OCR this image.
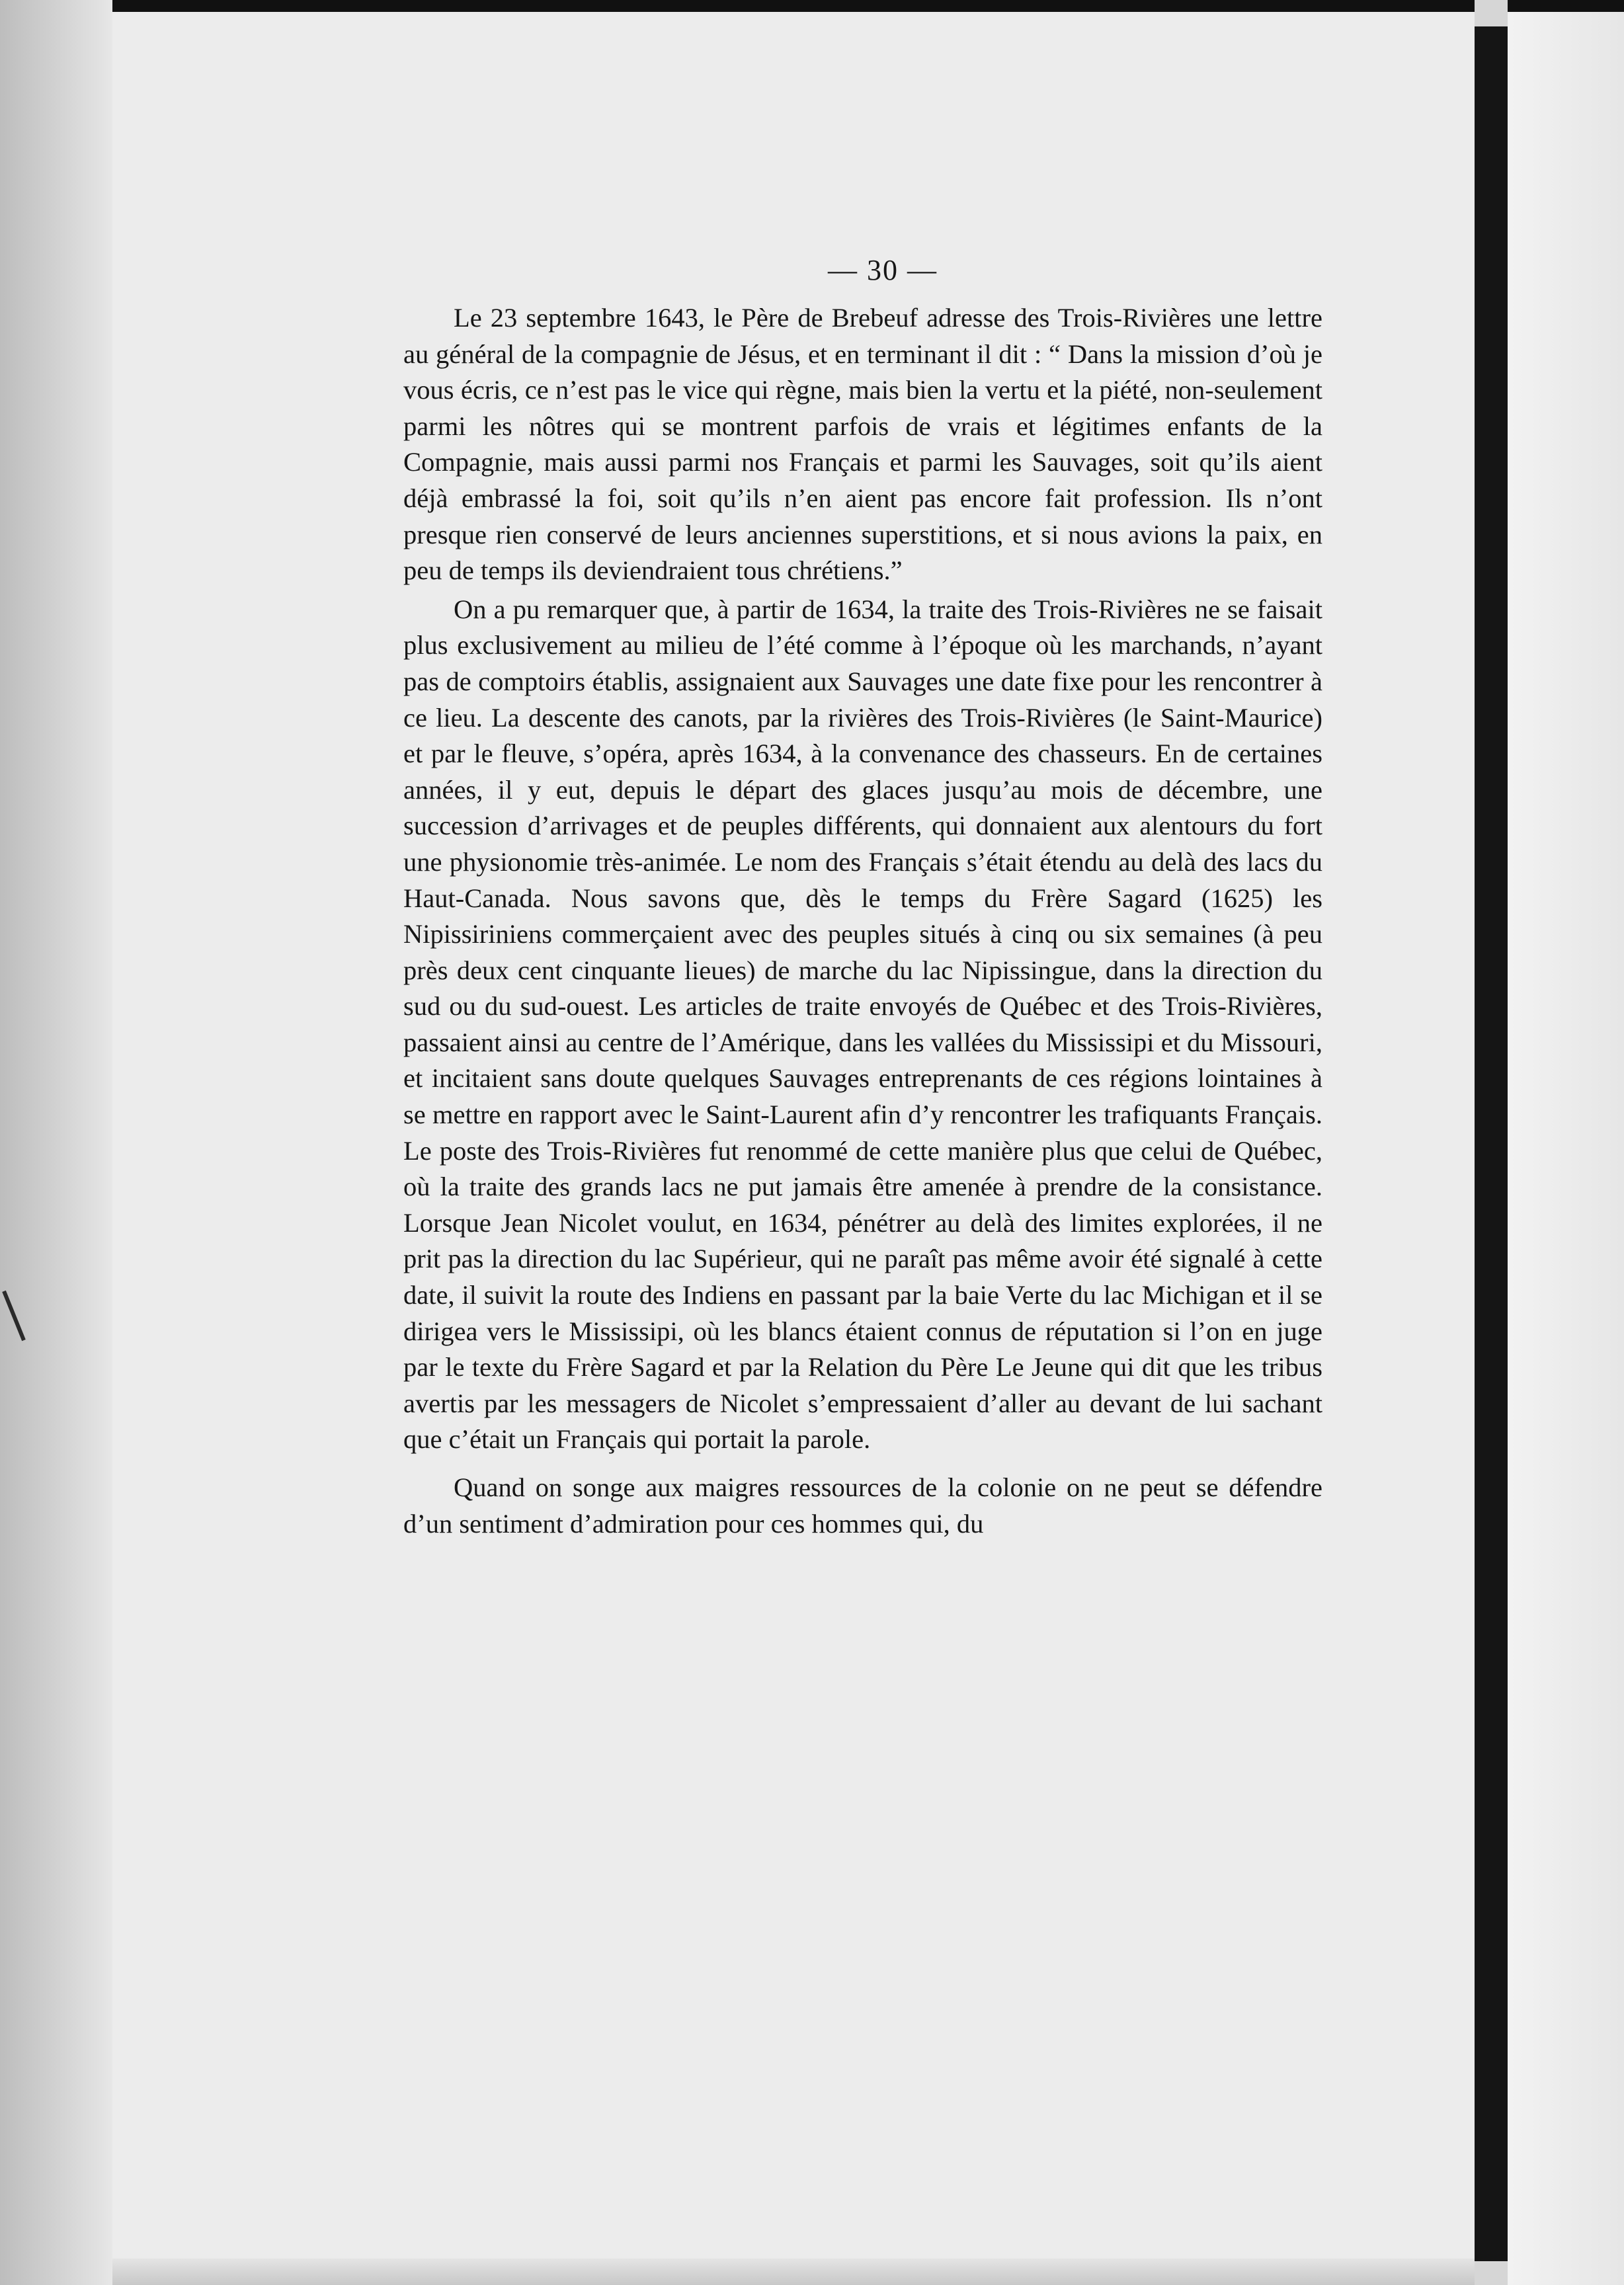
— 30 —

Le 23 septembre 1643, le Père de Brebeuf adresse des Trois-Rivières une lettre au général de la compagnie de Jésus, et en terminant il dit : “ Dans la mission d’où je vous écris, ce n’est pas le vice qui règne, mais bien la vertu et la piété, non-seulement parmi les nôtres qui se montrent parfois de vrais et légitimes enfants de la Compagnie, mais aussi parmi nos Français et parmi les Sauvages, soit qu’ils aient déjà embrassé la foi, soit qu’ils n’en aient pas encore fait profession. Ils n’ont presque rien conservé de leurs anciennes superstitions, et si nous avions la paix, en peu de temps ils deviendraient tous chrétiens.”

On a pu remarquer que, à partir de 1634, la traite des Trois-Rivières ne se faisait plus exclusivement au milieu de l’été comme à l’époque où les marchands, n’ayant pas de comptoirs établis, assignaient aux Sauvages une date fixe pour les rencontrer à ce lieu. La descente des canots, par la rivières des Trois-Rivières (le Saint-Maurice) et par le fleuve, s’opéra, après 1634, à la convenance des chasseurs. En de certaines années, il y eut, depuis le départ des glaces jusqu’au mois de décembre, une succession d’arrivages et de peuples différents, qui donnaient aux alentours du fort une physionomie très-animée. Le nom des Français s’était étendu au delà des lacs du Haut-Canada. Nous savons que, dès le temps du Frère Sagard (1625) les Nipissiriniens commerçaient avec des peuples situés à cinq ou six semaines (à peu près deux cent cinquante lieues) de marche du lac Nipissingue, dans la direction du sud ou du sud-ouest. Les articles de traite envoyés de Québec et des Trois-Rivières, passaient ainsi au centre de l’Amérique, dans les vallées du Mississipi et du Missouri, et incitaient sans doute quelques Sauvages entreprenants de ces régions lointaines à se mettre en rapport avec le Saint-Laurent afin d’y rencontrer les trafiquants Français. Le poste des Trois-Rivières fut renommé de cette manière plus que celui de Québec, où la traite des grands lacs ne put jamais être amenée à prendre de la consistance. Lorsque Jean Nicolet voulut, en 1634, pénétrer au delà des limites explorées, il ne prit pas la direction du lac Supérieur, qui ne paraît pas même avoir été signalé à cette date, il suivit la route des Indiens en passant par la baie Verte du lac Michigan et il se dirigea vers le Mississipi, où les blancs étaient connus de réputation si l’on en juge par le texte du Frère Sagard et par la Relation du Père Le Jeune qui dit que les tribus avertis par les messagers de Nicolet s’empressaient d’aller au devant de lui sachant que c’était un Français qui portait la parole.

Quand on songe aux maigres ressources de la colonie on ne peut se défendre d’un sentiment d’admiration pour ces hommes qui, du
